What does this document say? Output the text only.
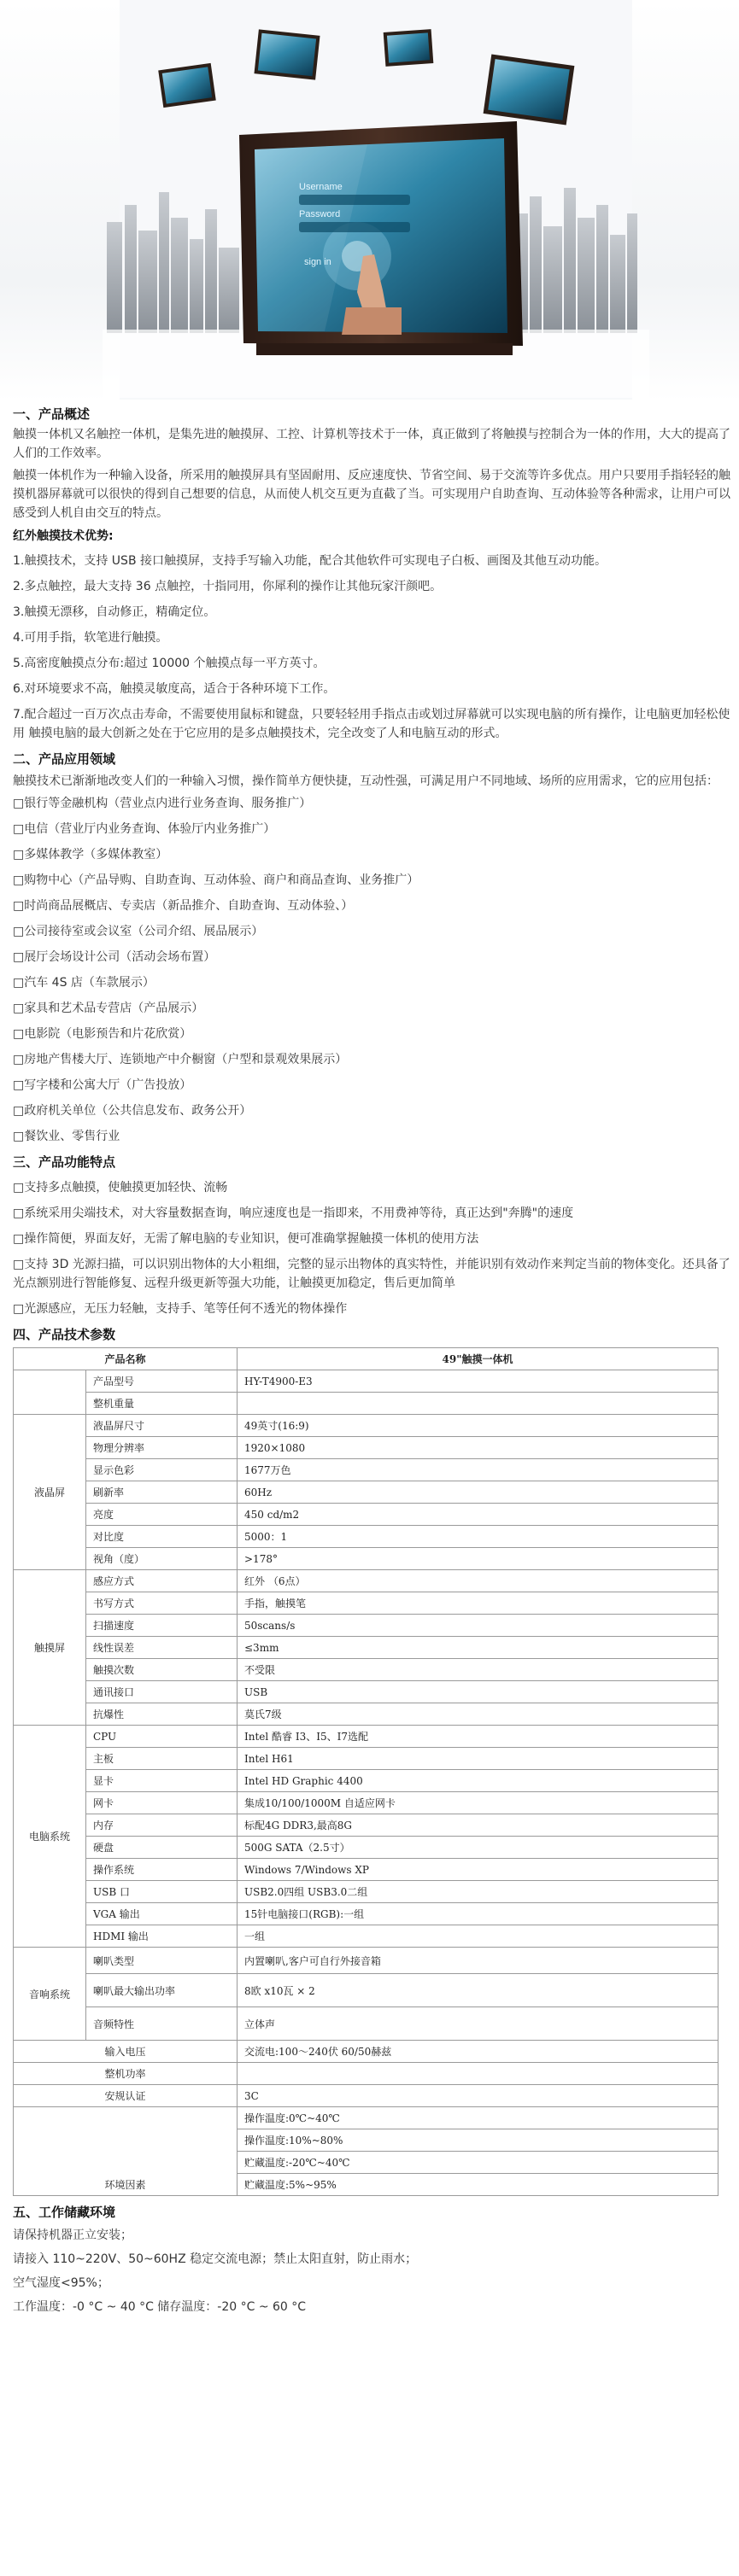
Username
Password
sign in
一、产品概述

触摸一体机又名触控一体机，是集先进的触摸屏、工控、计算机等技术于一体，真正做到了将触摸与控制合为一体的作用，大大的提高了人们的工作效率。

触摸一体机作为一种输入设备，所采用的触摸屏具有坚固耐用、反应速度快、节省空间、易于交流等许多优点。用户只要用手指轻轻的触摸机器屏幕就可以很快的得到自己想要的信息，从而使人机交互更为直截了当。可实现用户自助查询、互动体验等各种需求，让用户可以感受到人机自由交互的特点。

红外触摸技术优势:

1.触摸技术，支持 USB 接口触摸屏，支持手写输入功能，配合其他软件可实现电子白板、画图及其他互动功能。

2.多点触控，最大支持 36 点触控，十指同用，你犀利的操作让其他玩家汗颜吧。

3.触摸无漂移，自动修正，精确定位。

4.可用手指，软笔进行触摸。

5.高密度触摸点分布:超过 10000 个触摸点每一平方英寸。

6.对环境要求不高，触摸灵敏度高，适合于各种环境下工作。

7.配合超过一百万次点击寿命，不需要使用鼠标和键盘，只要轻轻用手指点击或划过屏幕就可以实现电脑的所有操作，让电脑更加轻松使用 触摸电脑的最大创新之处在于它应用的是多点触摸技术，完全改变了人和电脑互动的形式。

二、产品应用领域

触摸技术已渐渐地改变人们的一种输入习惯，操作简单方便快捷，互动性强，可满足用户不同地域、场所的应用需求，它的应用包括：

□银行等金融机构（营业点内进行业务查询、服务推广）

□电信（营业厅内业务查询、体验厅内业务推广）

□多媒体教学（多媒体教室）

□购物中心（产品导购、自助查询、互动体验、商户和商品查询、业务推广）

□时尚商品展概店、专卖店（新品推介、自助查询、互动体验、）

□公司接待室或会议室（公司介绍、展品展示）

□展厅会场设计公司（活动会场布置）

□汽车 4S 店（车款展示）

□家具和艺术品专营店（产品展示）

□电影院（电影预告和片花欣赏）

□房地产售楼大厅、连锁地产中介橱窗（户型和景观效果展示）

□写字楼和公寓大厅（广告投放）

□政府机关单位（公共信息发布、政务公开）

□餐饮业、零售行业

三、产品功能特点

□支持多点触摸，使触摸更加轻快、流畅

□系统采用尖端技术，对大容量数据查询，响应速度也是一指即来，不用费神等待，真正达到"奔腾"的速度

□操作简便，界面友好，无需了解电脑的专业知识，便可准确掌握触摸一体机的使用方法

□支持 3D 光源扫描，可以识别出物体的大小粗细，完整的显示出物体的真实特性，并能识别有效动作来判定当前的物体变化。还具备了光点额别进行智能修复、远程升级更新等强大功能，让触摸更加稳定，售后更加简单

□光源感应，无压力轻触，支持手、笔等任何不透光的物体操作

四、产品技术参数
产品名称		49"触摸一体机
	产品型号	HY-T4900-E3
	整机重量	
液晶屏	液晶屏尺寸	49英寸(16:9)
	物理分辨率	1920×1080
	显示色彩	1677万色
	刷新率	60Hz
	亮度	450 cd/m2
	对比度	5000：1
	视角（度）	>178°
触摸屏	感应方式	红外 （6点）
	书写方式	手指，触摸笔
	扫描速度	50scans/s
	线性误差	≤3mm
	触摸次数	不受限
	通讯接口	USB
	抗爆性	莫氏7级
电脑系统	CPU	Intel 酷睿 I3、I5、I7选配
	主板	Intel H61
	显卡	Intel HD Graphic 4400
	网卡	集成10/100/1000M 自适应网卡
	内存	标配4G DDR3,最高8G
	硬盘	500G SATA（2.5寸）
	操作系统	Windows 7/Windows XP
	USB 口	USB2.0四组 USB3.0二组
	VGA 输出	15针电脑接口(RGB):一组
	HDMI 输出	一组
音响系统	喇叭类型	内置喇叭,客户可自行外接音箱
	喇叭最大输出功率	8欧 x10瓦 × 2
	音频特性	立体声
输入电压		交流电:100～240伏 60/50赫兹
整机功率		
安规认证		3C
环境因素		操作温度:0℃~40℃
		操作温度:10%~80%
		贮藏温度:-20℃~40℃
		贮藏温度:5%~95%
五、工作储藏环境

请保持机器正立安装；

请接入 110~220V、50~60HZ 稳定交流电源；禁止太阳直射，防止雨水；

空气湿度<95%；

工作温度：-0 °C ~ 40 °C 储存温度：-20 °C ~ 60 °C
